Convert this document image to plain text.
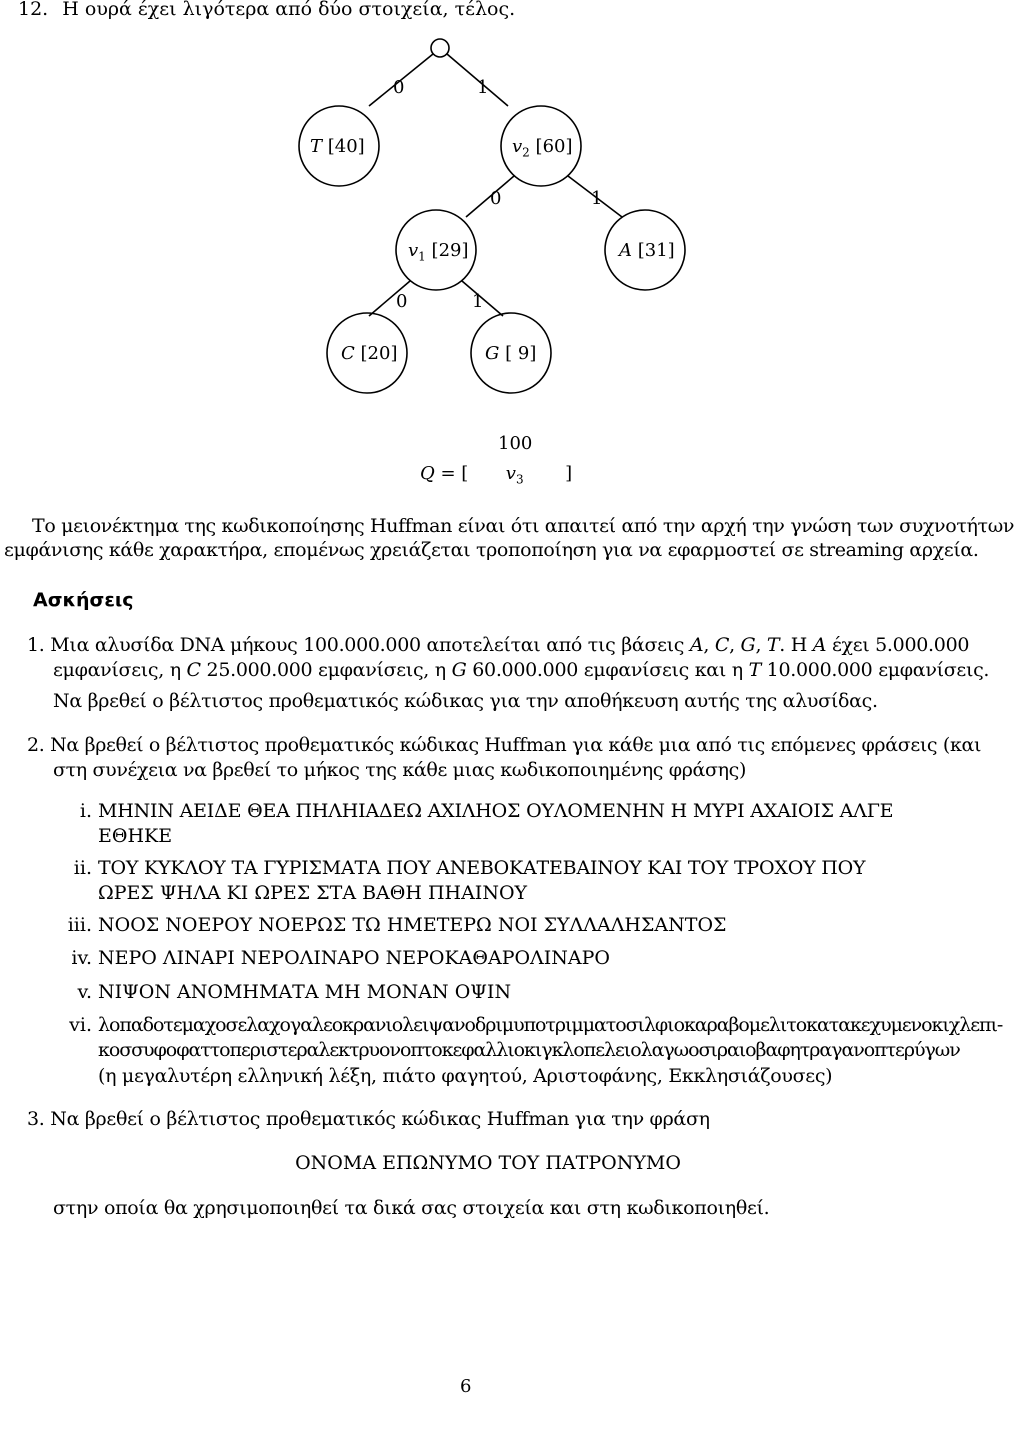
12. Η ουρά έχει λιγότερα από δύο στοιχεία, τέλος.
0	1
T [40]	$v_2$ [60]
0	1
$v_1$ [29]	A [31]
0	1
C [20]	G [ 9]
100
Q = [ $v_3$ ]
Το μειονέκτημα της κωδικοποίησης Huffman είναι ότι απαιτεί από την αρχή την γνώση των συχνοτήτων
εμφάνισης κάθε χαρακτήρα, επομένως χρειάζεται τροποποίηση για να εφαρμοστεί σε streaming αρχεία.
Ασκήσεις
1. Μια αλυσίδα DNA μήκους 100.000.000 αποτελείται από τις βάσεις A, C, G, T. Η A έχει 5.000.000
εμφανίσεις, η C 25.000.000 εμφανίσεις, η G 60.000.000 εμφανίσεις και η T 10.000.000 εμφανίσεις.
Να βρεθεί ο βέλτιστος προθεματικός κώδικας για την αποθήκευση αυτής της αλυσίδας.
2. Να βρεθεί ο βέλτιστος προθεματικός κώδικας Huffman για κάθε μια από τις επόμενες φράσεις (και
στη συνέχεια να βρεθεί το μήκος της κάθε μιας κωδικοποιημένης φράσης)
i. ΜΗΝΙΝ ΑΕΙΔΕ ΘΕΑ ΠΗΛΗΙΑΔΕΩ ΑΧΙΛΗΟΣ ΟΥΛΟΜΕΝΗΝ Η ΜΥΡΙ ΑΧΑΙΟΙΣ ΑΛΓΕ
ΕΘΗΚΕ
ii. ΤΟΥ ΚΥΚΛΟΥ ΤΑ ΓΥΡΙΣΜΑΤΑ ΠΟΥ ΑΝΕΒΟΚΑΤΕΒΑΙΝΟΥ ΚΑΙ ΤΟΥ ΤΡΟΧΟΥ ΠΟΥ
ΩΡΕΣ ΨΗΛΑ ΚΙ ΩΡΕΣ ΣΤΑ ΒΑΘΗ ΠΗΑΙΝΟΥ
iii. ΝΟΟΣ ΝΟΕΡΟΥ ΝΟΕΡΩΣ ΤΩ ΗΜΕΤΕΡΩ ΝΟΙ ΣΥΛΛΑΛΗΣΑΝΤΟΣ
iv. ΝΕΡΟ ΛΙΝΑΡΙ ΝΕΡΟΛΙΝΑΡΟ ΝΕΡΟΚΑΘΑΡΟΛΙΝΑΡΟ
v. ΝΙΨΟΝ ΑΝΟΜΗΜΑΤΑ ΜΗ ΜΟΝΑΝ ΟΨΙΝ
vi. λοπαδοτεμαχοσελαχογαλεοκρανιολειψανοδριμυποτριμματοσιλφιοκαραβομελιτοκατακεχυμενοκιχλεπι-
κοσσυφοφαττοπεριστεραλεκτρυονοπτοκεφαλλιοκιγκλοπελειολαγωοσιραιοβαφητραγανοπτερύγων
(η μεγαλυτέρη ελληνική λέξη, πιάτο φαγητού, Αριστοφάνης, Εκκλησιάζουσες)
3. Να βρεθεί ο βέλτιστος προθεματικός κώδικας Huffman για την φράση
ΟΝΟΜΑ ΕΠΩΝΥΜΟ ΤΟΥ ΠΑΤΡΟΝΥΜΟ
στην οποία θα χρησιμοποιηθεί τα δικά σας στοιχεία και στη κωδικοποιηθεί.
6
